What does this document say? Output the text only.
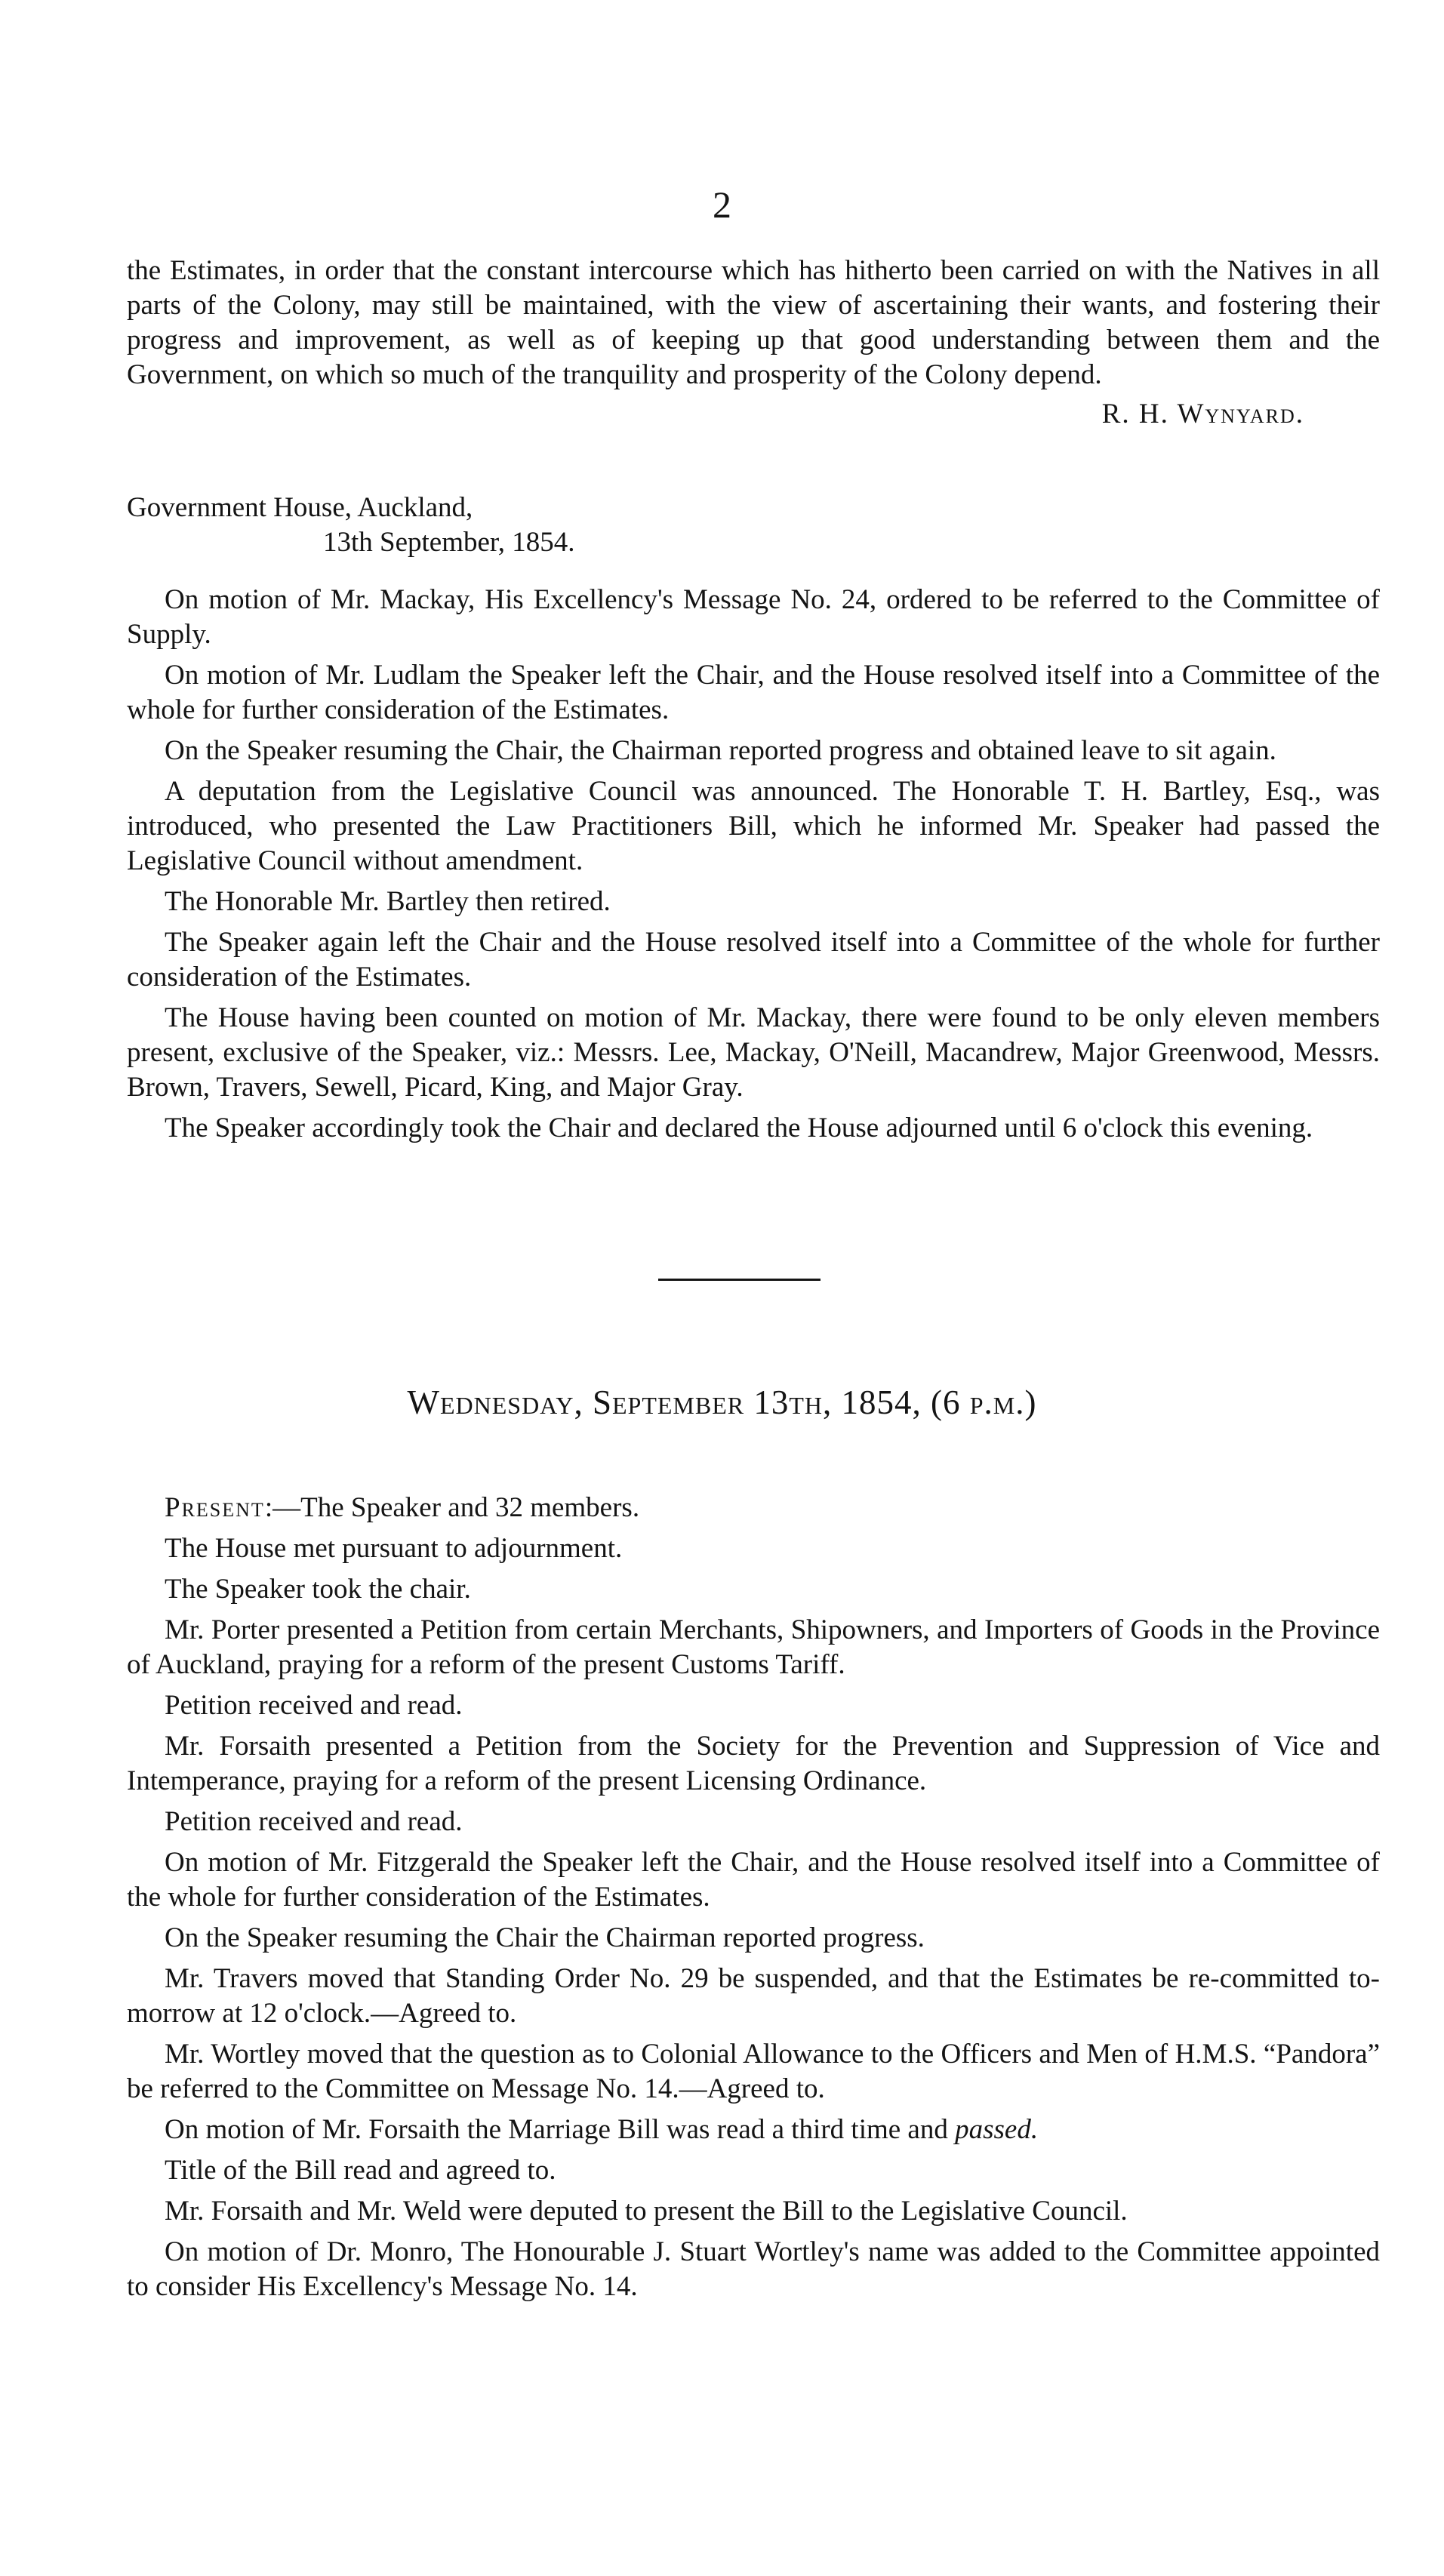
2

the Estimates, in order that the constant intercourse which has hitherto been carried on with the Natives in all parts of the Colony, may still be maintained, with the view of ascertaining their wants, and fostering their progress and improvement, as well as of keeping up that good understanding between them and the Government, on which so much of the tranquility and prosperity of the Colony depend.

R. H. Wynyard.

Government House, Auckland,

13th September, 1854.

On motion of Mr. Mackay, His Excellency's Message No. 24, ordered to be referred to the Committee of Supply.

On motion of Mr. Ludlam the Speaker left the Chair, and the House resolved itself into a Committee of the whole for further consideration of the Estimates.

On the Speaker resuming the Chair, the Chairman reported progress and obtained leave to sit again.

A deputation from the Legislative Council was announced. The Honorable T. H. Bartley, Esq., was introduced, who presented the Law Practitioners Bill, which he informed Mr. Speaker had passed the Legislative Council without amendment.

The Honorable Mr. Bartley then retired.

The Speaker again left the Chair and the House resolved itself into a Committee of the whole for further consideration of the Estimates.

The House having been counted on motion of Mr. Mackay, there were found to be only eleven members present, exclusive of the Speaker, viz.: Messrs. Lee, Mackay, O'Neill, Macandrew, Major Greenwood, Messrs. Brown, Travers, Sewell, Picard, King, and Major Gray.

The Speaker accordingly took the Chair and declared the House adjourned until 6 o'clock this evening.

Wednesday, September 13th, 1854, (6 p.m.)

Present:—The Speaker and 32 members.

The House met pursuant to adjournment.

The Speaker took the chair.

Mr. Porter presented a Petition from certain Merchants, Shipowners, and Importers of Goods in the Province of Auckland, praying for a reform of the present Customs Tariff.

Petition received and read.

Mr. Forsaith presented a Petition from the Society for the Prevention and Suppression of Vice and Intemperance, praying for a reform of the present Licensing Ordinance.

Petition received and read.

On motion of Mr. Fitzgerald the Speaker left the Chair, and the House resolved itself into a Committee of the whole for further consideration of the Estimates.

On the Speaker resuming the Chair the Chairman reported progress.

Mr. Travers moved that Standing Order No. 29 be suspended, and that the Estimates be re-committed to-morrow at 12 o'clock.—Agreed to.

Mr. Wortley moved that the question as to Colonial Allowance to the Officers and Men of H.M.S. “Pandora” be referred to the Committee on Message No. 14.—Agreed to.

On motion of Mr. Forsaith the Marriage Bill was read a third time and passed.

Title of the Bill read and agreed to.

Mr. Forsaith and Mr. Weld were deputed to present the Bill to the Legislative Council.

On motion of Dr. Monro, The Honourable J. Stuart Wortley's name was added to the Committee appointed to consider His Excellency's Message No. 14.
